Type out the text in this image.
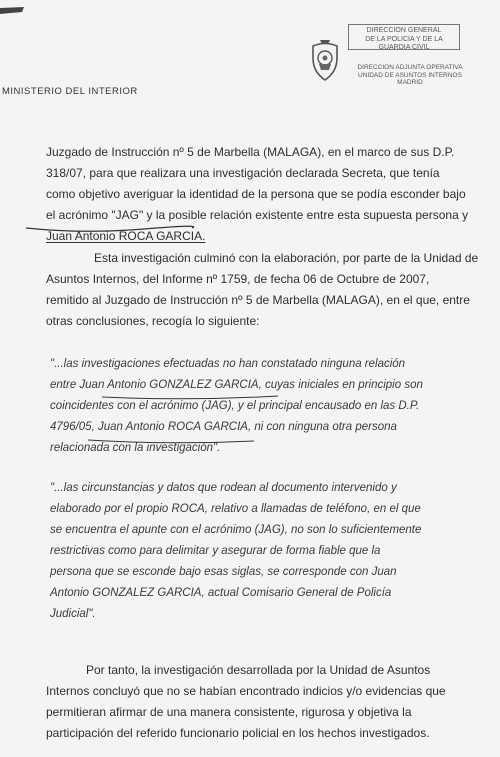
MINISTERIO DEL INTERIOR
DIRECCION GENERAL
DE LA POLICIA Y DE LA
GUARDIA CIVIL
DIRECCION ADJUNTA OPERATIVA
UNIDAD DE ASUNTOS INTERNOS
MADRID
Juzgado de Instrucción nº 5 de Marbella (MALAGA), en el marco de sus D.P.
318/07, para que realizara una investigación declarada Secreta, que tenía
como objetivo averiguar la identidad de la persona que se podía esconder bajo
el acrónimo "JAG" y la posible relación existente entre esta supuesta persona y
Juan Antonio ROCA GARCIA.
Esta investigación culminó con la elaboración, por parte de la Unidad de
Asuntos Internos, del Informe nº 1759, de fecha 06 de Octubre de 2007,
remitido al Juzgado de Instrucción nº 5 de Marbella (MALAGA), en el que, entre
otras conclusiones, recogía lo siguiente:
"...las investigaciones efectuadas no han constatado ninguna relación
entre Juan Antonio GONZALEZ GARCIA, cuyas iniciales en principio son
coincidentes con el acrónimo (JAG), y el principal encausado en las D.P.
4796/05, Juan Antonio ROCA GARCIA, ni con ninguna otra persona
relacionada con la investigación".
"...las circunstancias y datos que rodean al documento intervenido y
elaborado por el propio ROCA, relativo a llamadas de teléfono, en el que
se encuentra el apunte con el acrónimo (JAG), no son lo suficientemente
restrictivas como para delimitar y asegurar de forma fiable que la
persona que se esconde bajo esas siglas, se corresponde con Juan
Antonio GONZALEZ GARCIA, actual Comisario General de Policía
Judicial".
Por tanto, la investigación desarrollada por la Unidad de Asuntos
Internos concluyó que no se habían encontrado indicios y/o evidencias que
permitieran afirmar de una manera consistente, rigurosa y objetiva la
participación del referido funcionario policial en los hechos investigados.
